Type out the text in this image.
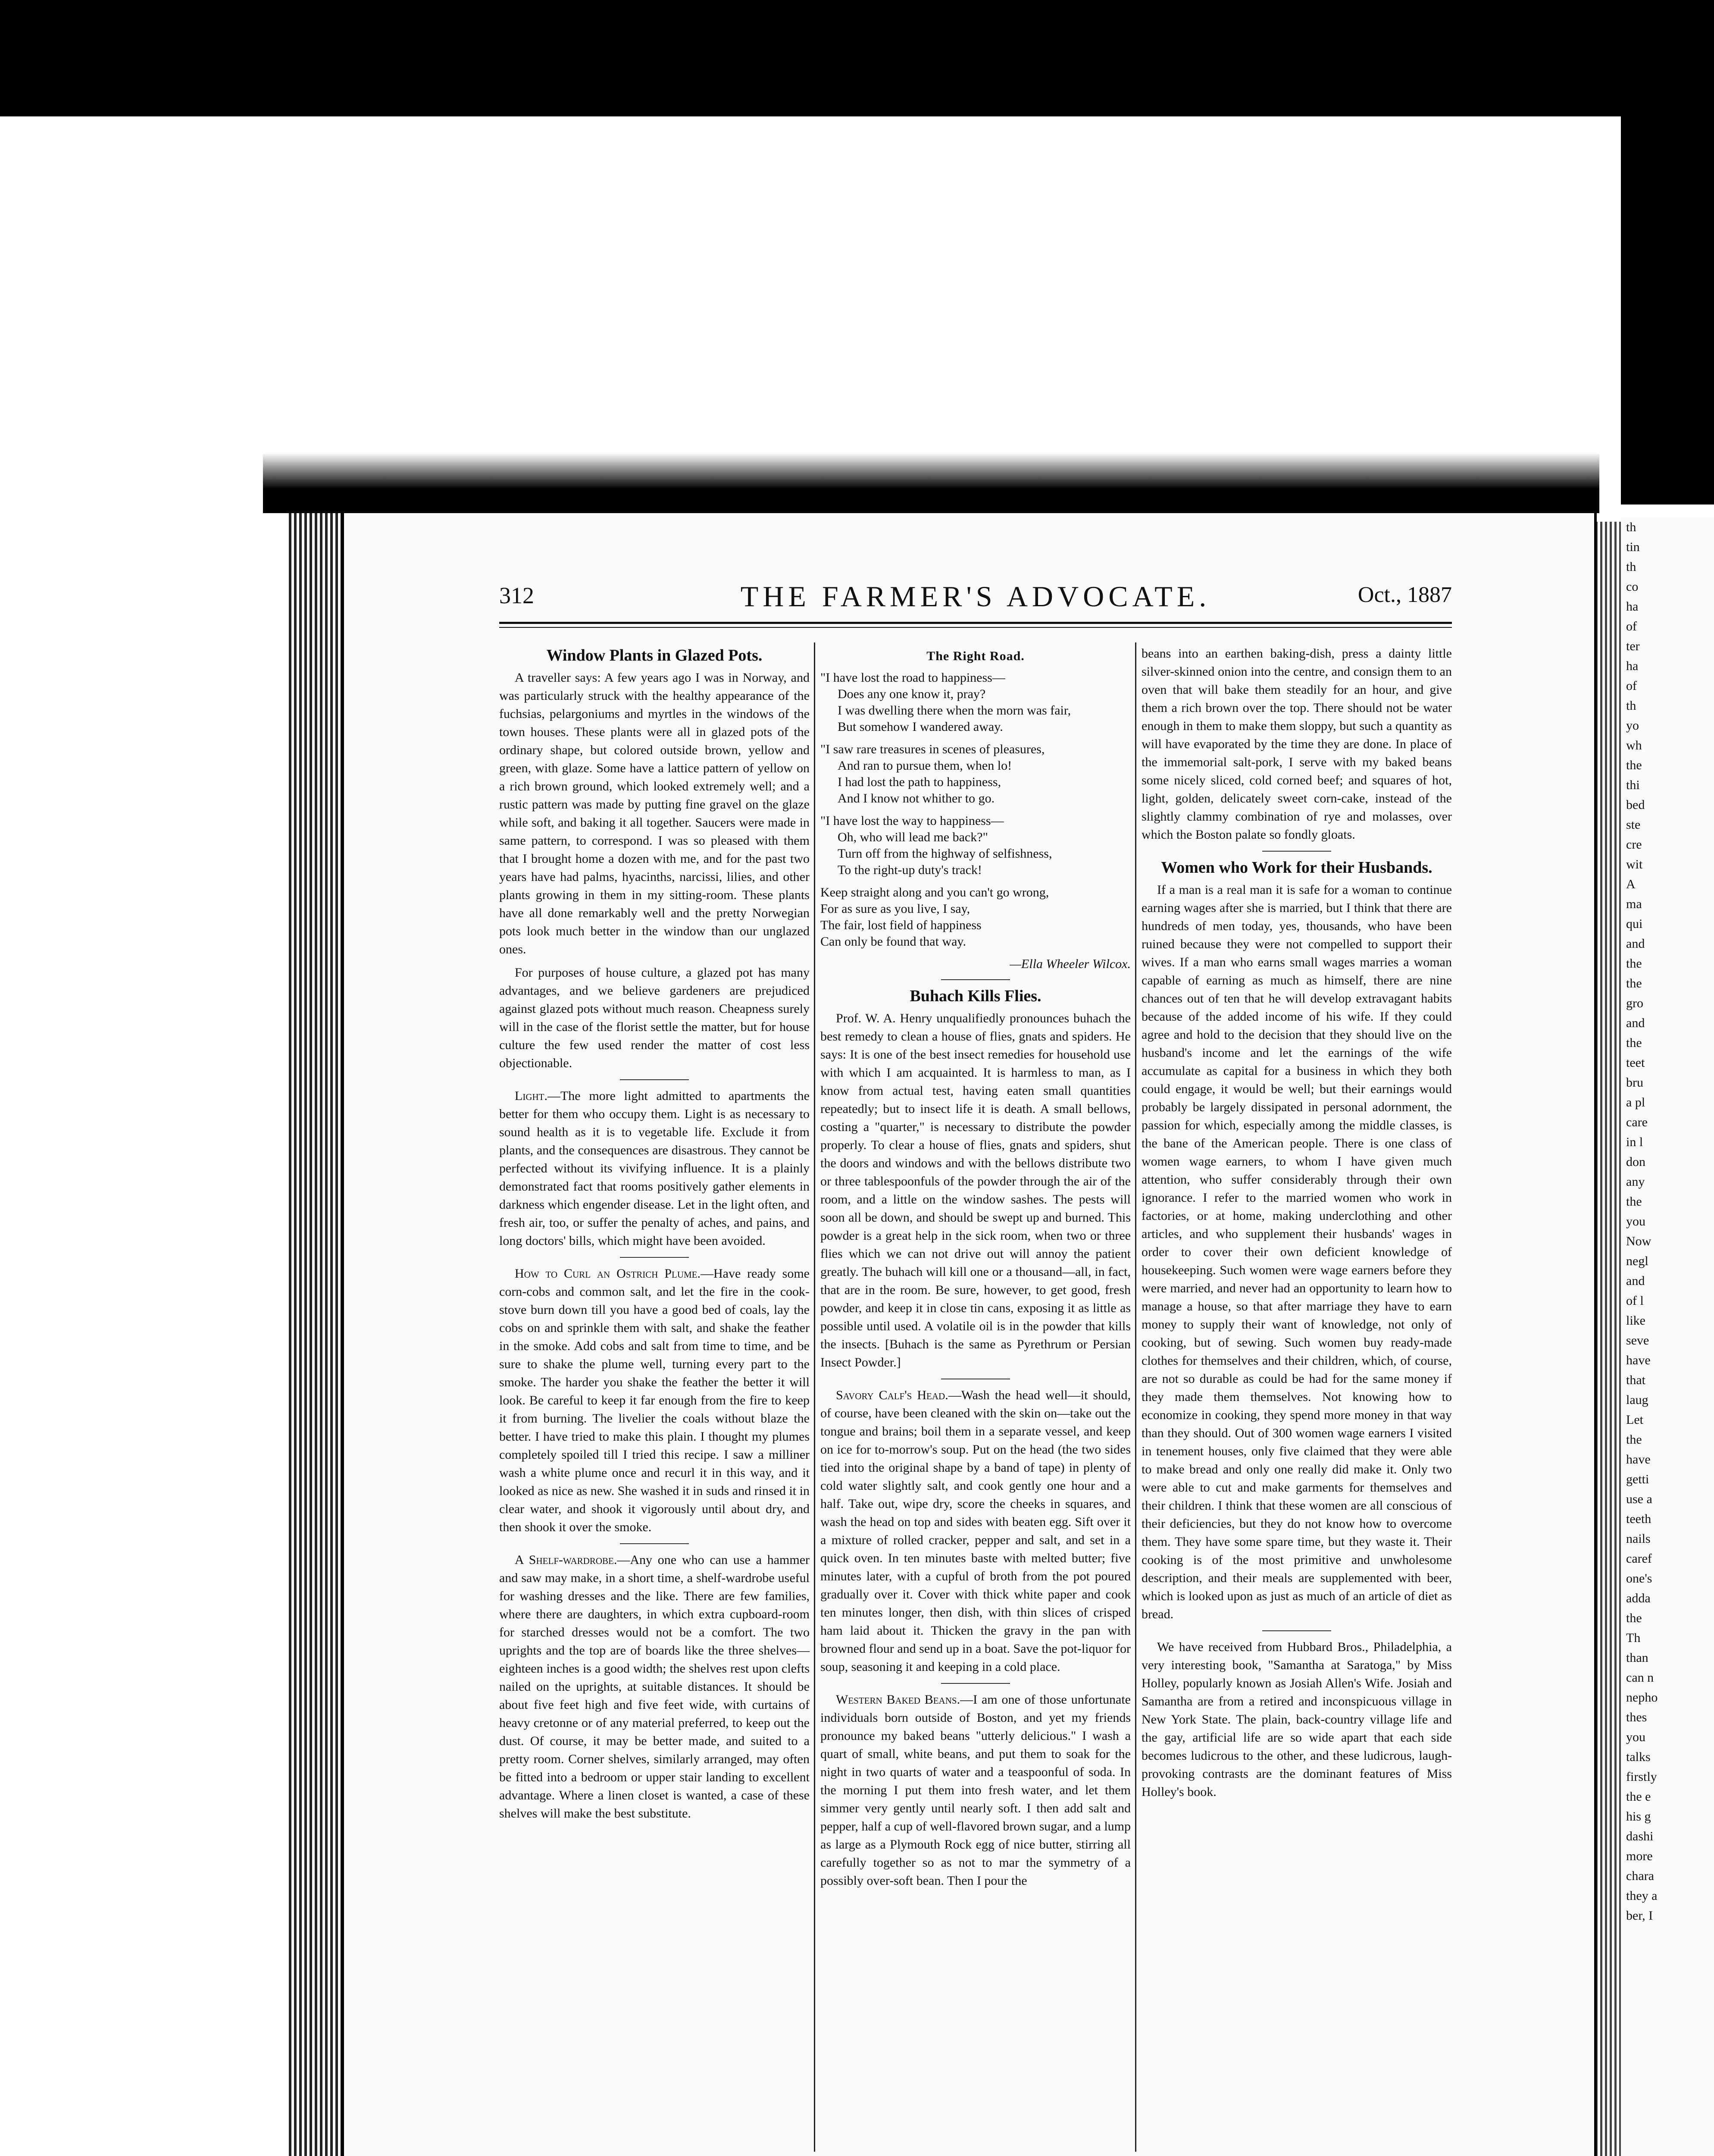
th

tin

th

co

ha

of

ter

ha

of

th

yo

wh

the

thi

bed

ste

cre

wit

A

ma

qui

and

the

the

gro

and

the

teet

bru

a pl

care

in l

don

any

the

you

Now

negl

and

of l

like

seve

have

that

laug

Let

the

have

getti

use a

teeth

nails

caref

one's

adda

the

Th

than

can n

nepho

thes

you

talks

firstly

the e

his g

dashi

more

chara

they a

ber, I

312	THE FARMER'S ADVOCATE.	Oct., 1887
Window Plants in Glazed Pots.

A traveller says: A few years ago I was in Norway, and was particularly struck with the healthy appearance of the fuchsias, pelargoniums and myrtles in the windows of the town houses. These plants were all in glazed pots of the ordinary shape, but colored outside brown, yellow and green, with glaze. Some have a lattice pattern of yellow on a rich brown ground, which looked extremely well; and a rustic pattern was made by putting fine gravel on the glaze while soft, and baking it all together. Saucers were made in same pattern, to correspond. I was so pleased with them that I brought home a dozen with me, and for the past two years have had palms, hyacinths, narcissi, lilies, and other plants growing in them in my sitting-room. These plants have all done remarkably well and the pretty Norwegian pots look much better in the window than our unglazed ones.

For purposes of house culture, a glazed pot has many advantages, and we believe gardeners are prejudiced against glazed pots without much reason. Cheapness surely will in the case of the florist settle the matter, but for house culture the few used render the matter of cost less objectionable.

Light.—The more light admitted to apartments the better for them who occupy them. Light is as necessary to sound health as it is to vegetable life. Exclude it from plants, and the consequences are disastrous. They cannot be perfected without its vivifying influence. It is a plainly demonstrated fact that rooms positively gather elements in darkness which engender disease. Let in the light often, and fresh air, too, or suffer the penalty of aches, and pains, and long doctors' bills, which might have been avoided.

How to Curl an Ostrich Plume.—Have ready some corn-cobs and common salt, and let the fire in the cook-stove burn down till you have a good bed of coals, lay the cobs on and sprinkle them with salt, and shake the feather in the smoke. Add cobs and salt from time to time, and be sure to shake the plume well, turning every part to the smoke. The harder you shake the feather the better it will look. Be careful to keep it far enough from the fire to keep it from burning. The livelier the coals without blaze the better. I have tried to make this plain. I thought my plumes completely spoiled till I tried this recipe. I saw a milliner wash a white plume once and recurl it in this way, and it looked as nice as new. She washed it in suds and rinsed it in clear water, and shook it vigorously until about dry, and then shook it over the smoke.

A Shelf-wardrobe.—Any one who can use a hammer and saw may make, in a short time, a shelf-wardrobe useful for washing dresses and the like. There are few families, where there are daughters, in which extra cupboard-room for starched dresses would not be a comfort. The two uprights and the top are of boards like the three shelves—eighteen inches is a good width; the shelves rest upon clefts nailed on the uprights, at suitable distances. It should be about five feet high and five feet wide, with curtains of heavy cretonne or of any material preferred, to keep out the dust. Of course, it may be better made, and suited to a pretty room. Corner shelves, similarly arranged, may often be fitted into a bedroom or upper stair landing to excellent advantage. Where a linen closet is wanted, a case of these shelves will make the best substitute.

The Right Road.
"I have lost the road to happiness—
Does any one know it, pray?
I was dwelling there when the morn was fair,
But somehow I wandered away.
"I saw rare treasures in scenes of pleasures,
And ran to pursue them, when lo!
I had lost the path to happiness,
And I know not whither to go.
"I have lost the way to happiness—
Oh, who will lead me back?"
Turn off from the highway of selfishness,
To the right-up duty's track!
Keep straight along and you can't go wrong,
For as sure as you live, I say,
The fair, lost field of happiness
Can only be found that way.
—Ella Wheeler Wilcox.
Buhach Kills Flies.

Prof. W. A. Henry unqualifiedly pronounces buhach the best remedy to clean a house of flies, gnats and spiders. He says: It is one of the best insect remedies for household use with which I am acquainted. It is harmless to man, as I know from actual test, having eaten small quantities repeatedly; but to insect life it is death. A small bellows, costing a "quarter," is necessary to distribute the powder properly. To clear a house of flies, gnats and spiders, shut the doors and windows and with the bellows distribute two or three tablespoonfuls of the powder through the air of the room, and a little on the window sashes. The pests will soon all be down, and should be swept up and burned. This powder is a great help in the sick room, when two or three flies which we can not drive out will annoy the patient greatly. The buhach will kill one or a thousand—all, in fact, that are in the room. Be sure, however, to get good, fresh powder, and keep it in close tin cans, exposing it as little as possible until used. A volatile oil is in the powder that kills the insects. [Buhach is the same as Pyrethrum or Persian Insect Powder.]

Savory Calf's Head.—Wash the head well—it should, of course, have been cleaned with the skin on—take out the tongue and brains; boil them in a separate vessel, and keep on ice for to-morrow's soup. Put on the head (the two sides tied into the original shape by a band of tape) in plenty of cold water slightly salt, and cook gently one hour and a half. Take out, wipe dry, score the cheeks in squares, and wash the head on top and sides with beaten egg. Sift over it a mixture of rolled cracker, pepper and salt, and set in a quick oven. In ten minutes baste with melted butter; five minutes later, with a cupful of broth from the pot poured gradually over it. Cover with thick white paper and cook ten minutes longer, then dish, with thin slices of crisped ham laid about it. Thicken the gravy in the pan with browned flour and send up in a boat. Save the pot-liquor for soup, seasoning it and keeping in a cold place.

Western Baked Beans.—I am one of those unfortunate individuals born outside of Boston, and yet my friends pronounce my baked beans "utterly delicious." I wash a quart of small, white beans, and put them to soak for the night in two quarts of water and a teaspoonful of soda. In the morning I put them into fresh water, and let them simmer very gently until nearly soft. I then add salt and pepper, half a cup of well-flavored brown sugar, and a lump as large as a Plymouth Rock egg of nice butter, stirring all carefully together so as not to mar the symmetry of a possibly over-soft bean. Then I pour the

beans into an earthen baking-dish, press a dainty little silver-skinned onion into the centre, and consign them to an oven that will bake them steadily for an hour, and give them a rich brown over the top. There should not be water enough in them to make them sloppy, but such a quantity as will have evaporated by the time they are done. In place of the immemorial salt-pork, I serve with my baked beans some nicely sliced, cold corned beef; and squares of hot, light, golden, delicately sweet corn-cake, instead of the slightly clammy combination of rye and molasses, over which the Boston palate so fondly gloats.

Women who Work for their Husbands.

If a man is a real man it is safe for a woman to continue earning wages after she is married, but I think that there are hundreds of men today, yes, thousands, who have been ruined because they were not compelled to support their wives. If a man who earns small wages marries a woman capable of earning as much as himself, there are nine chances out of ten that he will develop extravagant habits because of the added income of his wife. If they could agree and hold to the decision that they should live on the husband's income and let the earnings of the wife accumulate as capital for a business in which they both could engage, it would be well; but their earnings would probably be largely dissipated in personal adornment, the passion for which, especially among the middle classes, is the bane of the American people. There is one class of women wage earners, to whom I have given much attention, who suffer considerably through their own ignorance. I refer to the married women who work in factories, or at home, making underclothing and other articles, and who supplement their husbands' wages in order to cover their own deficient knowledge of housekeeping. Such women were wage earners before they were married, and never had an opportunity to learn how to manage a house, so that after marriage they have to earn money to supply their want of knowledge, not only of cooking, but of sewing. Such women buy ready-made clothes for themselves and their children, which, of course, are not so durable as could be had for the same money if they made them themselves. Not knowing how to economize in cooking, they spend more money in that way than they should. Out of 300 women wage earners I visited in tenement houses, only five claimed that they were able to make bread and only one really did make it. Only two were able to cut and make garments for themselves and their children. I think that these women are all conscious of their deficiencies, but they do not know how to overcome them. They have some spare time, but they waste it. Their cooking is of the most primitive and unwholesome description, and their meals are supplemented with beer, which is looked upon as just as much of an article of diet as bread.

We have received from Hubbard Bros., Philadelphia, a very interesting book, "Samantha at Saratoga," by Miss Holley, popularly known as Josiah Allen's Wife. Josiah and Samantha are from a retired and inconspicuous village in New York State. The plain, back-country village life and the gay, artificial life are so wide apart that each side becomes ludicrous to the other, and these ludicrous, laugh-provoking contrasts are the dominant features of Miss Holley's book.
